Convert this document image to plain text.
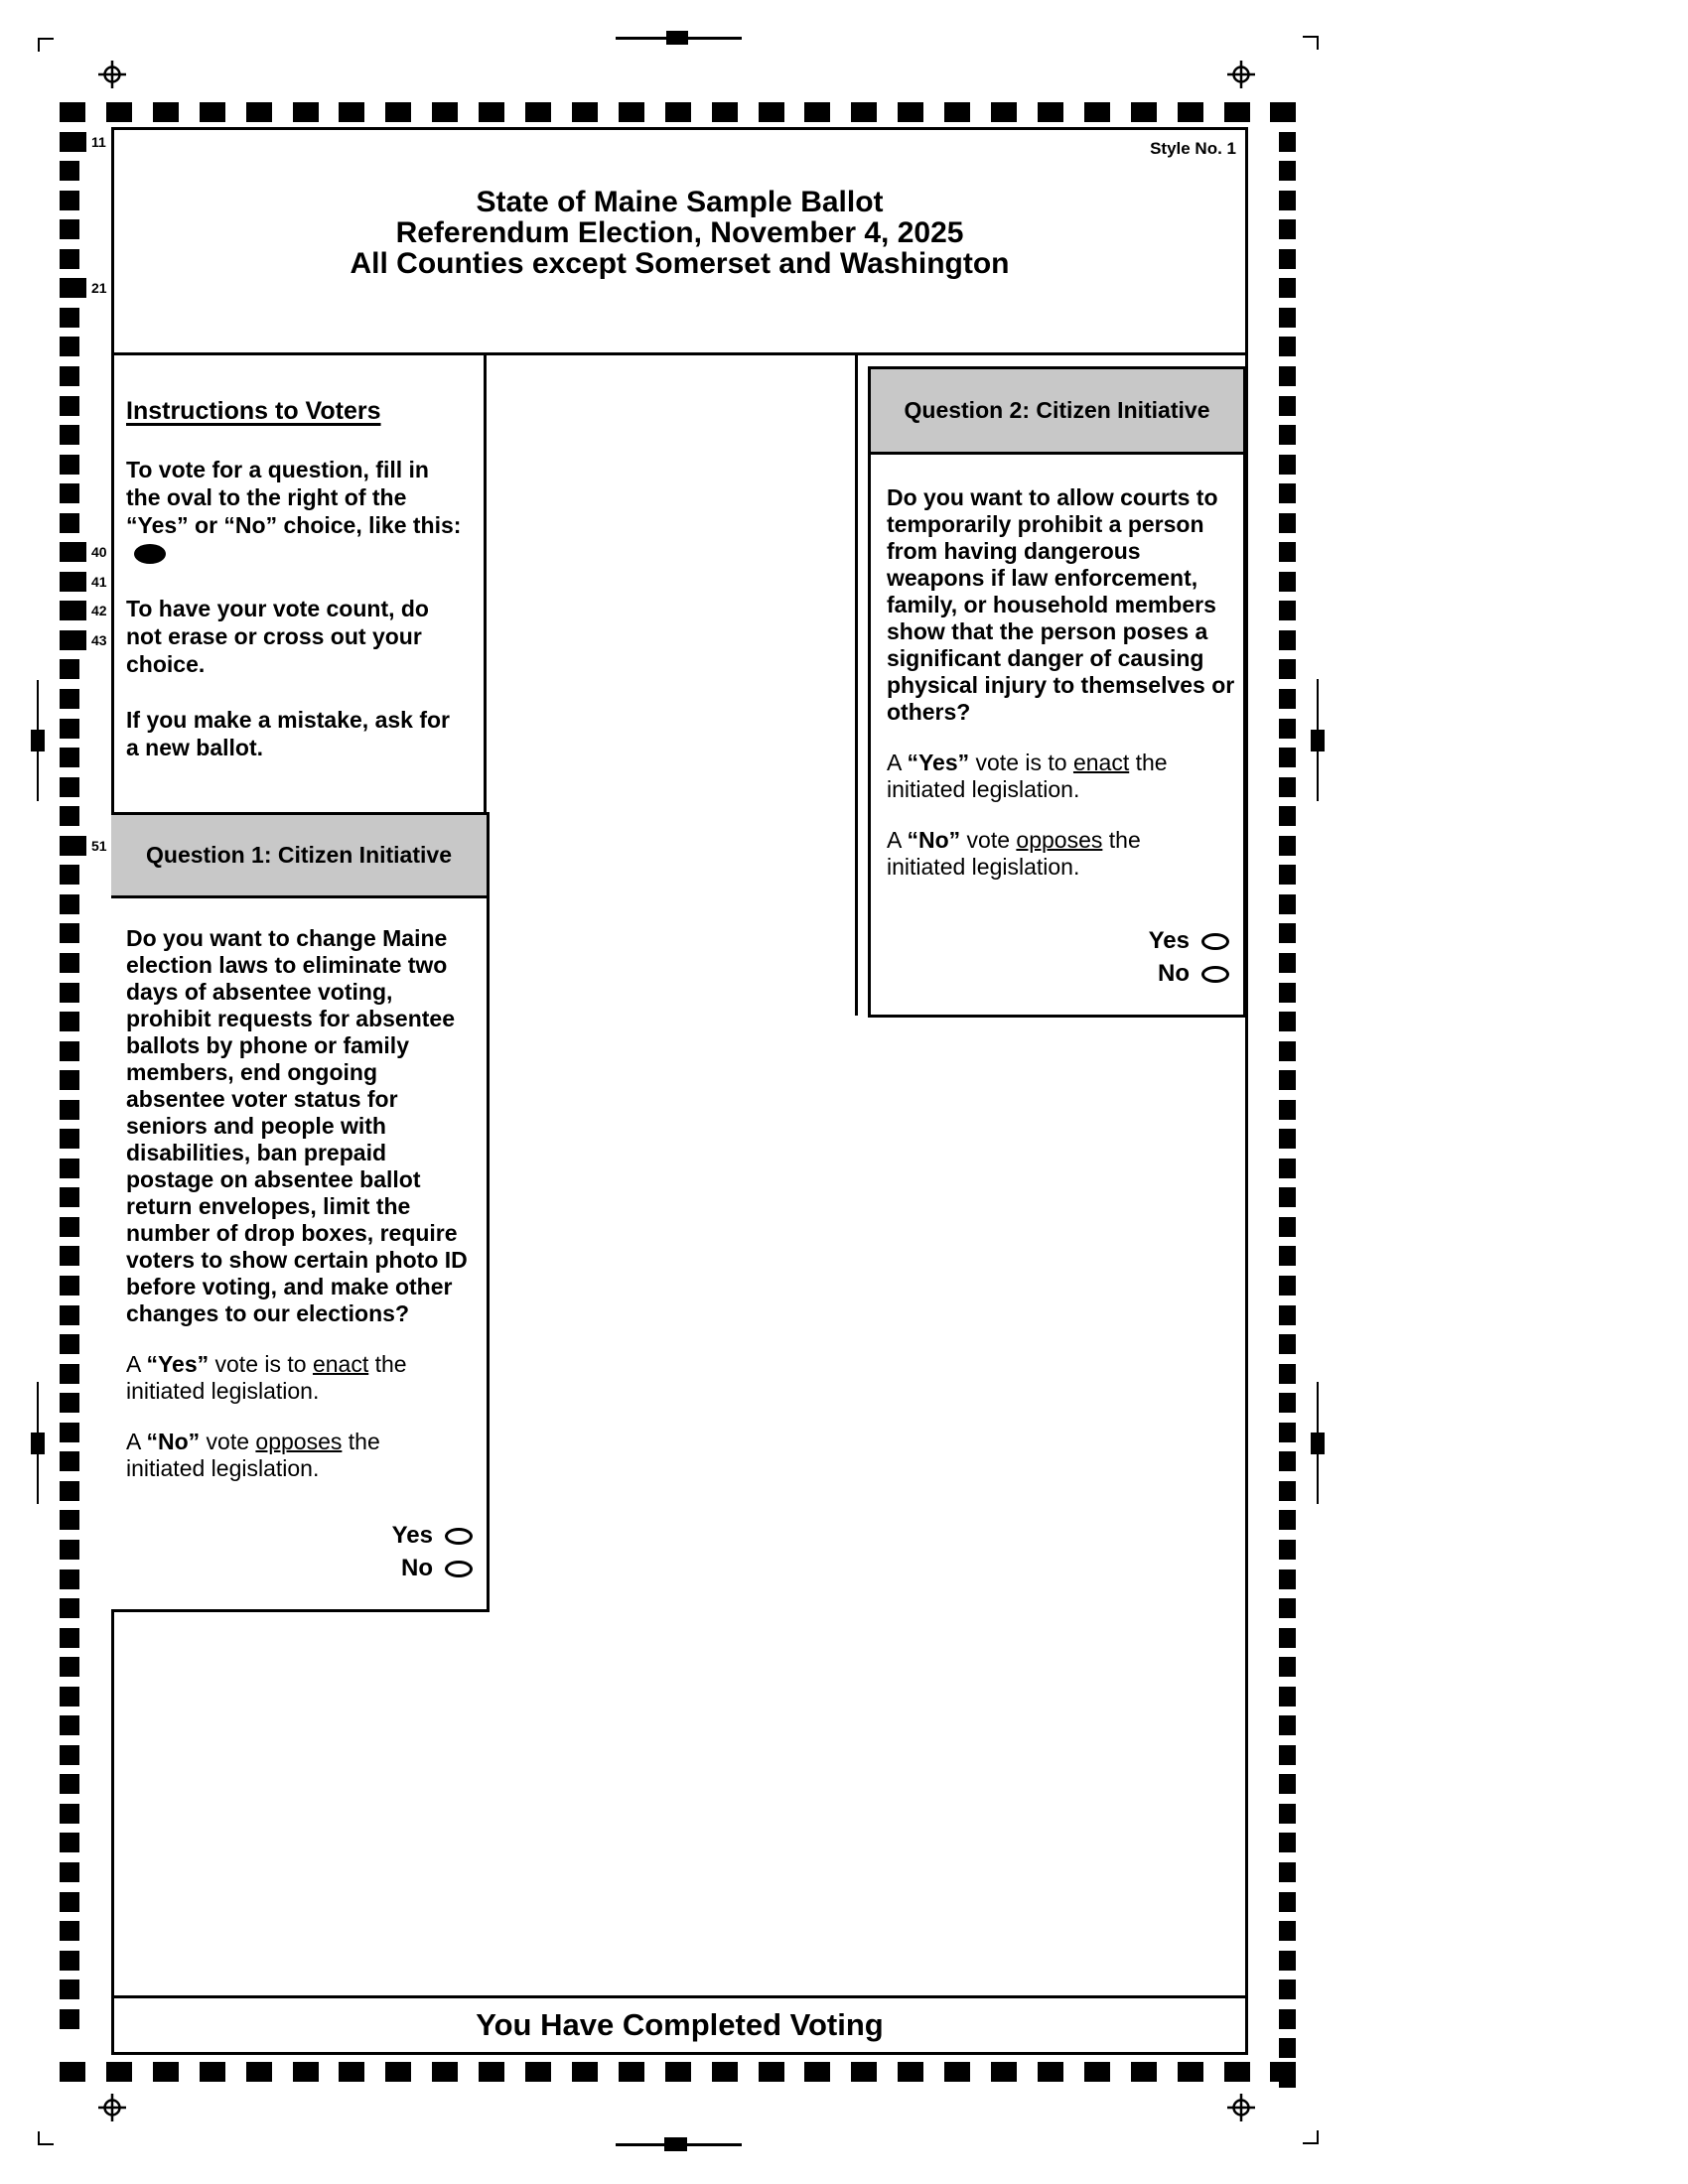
Style No. 1
State of Maine Sample Ballot
Referendum Election, November 4, 2025
All Counties except Somerset and Washington
Instructions to Voters

To vote for a question, fill in the oval to the right of the “Yes” or “No” choice, like this:

To have your vote count, do not erase or cross out your choice.

If you make a mistake, ask for a new ballot.

Question 1: Citizen Initiative

Do you want to change Maine election laws to eliminate two days of absentee voting, prohibit requests for absentee ballots by phone or family members, end ongoing absentee voter status for seniors and people with disabilities, ban prepaid postage on absentee ballot return envelopes, limit the number of drop boxes, require voters to show certain photo ID before voting, and make other changes to our elections?

A “Yes” vote is to enact the initiated legislation.

A “No” vote opposes the initiated legislation.

Yes
No
Question 2: Citizen Initiative

Do you want to allow courts to temporarily prohibit a person from having dangerous weapons if law enforcement, family, or household members show that the person poses a significant danger of causing physical injury to themselves or others?

A “Yes” vote is to enact the initiated legislation.

A “No” vote opposes the initiated legislation.

Yes
No
You Have Completed Voting
11
21
40
41
42
43
51
